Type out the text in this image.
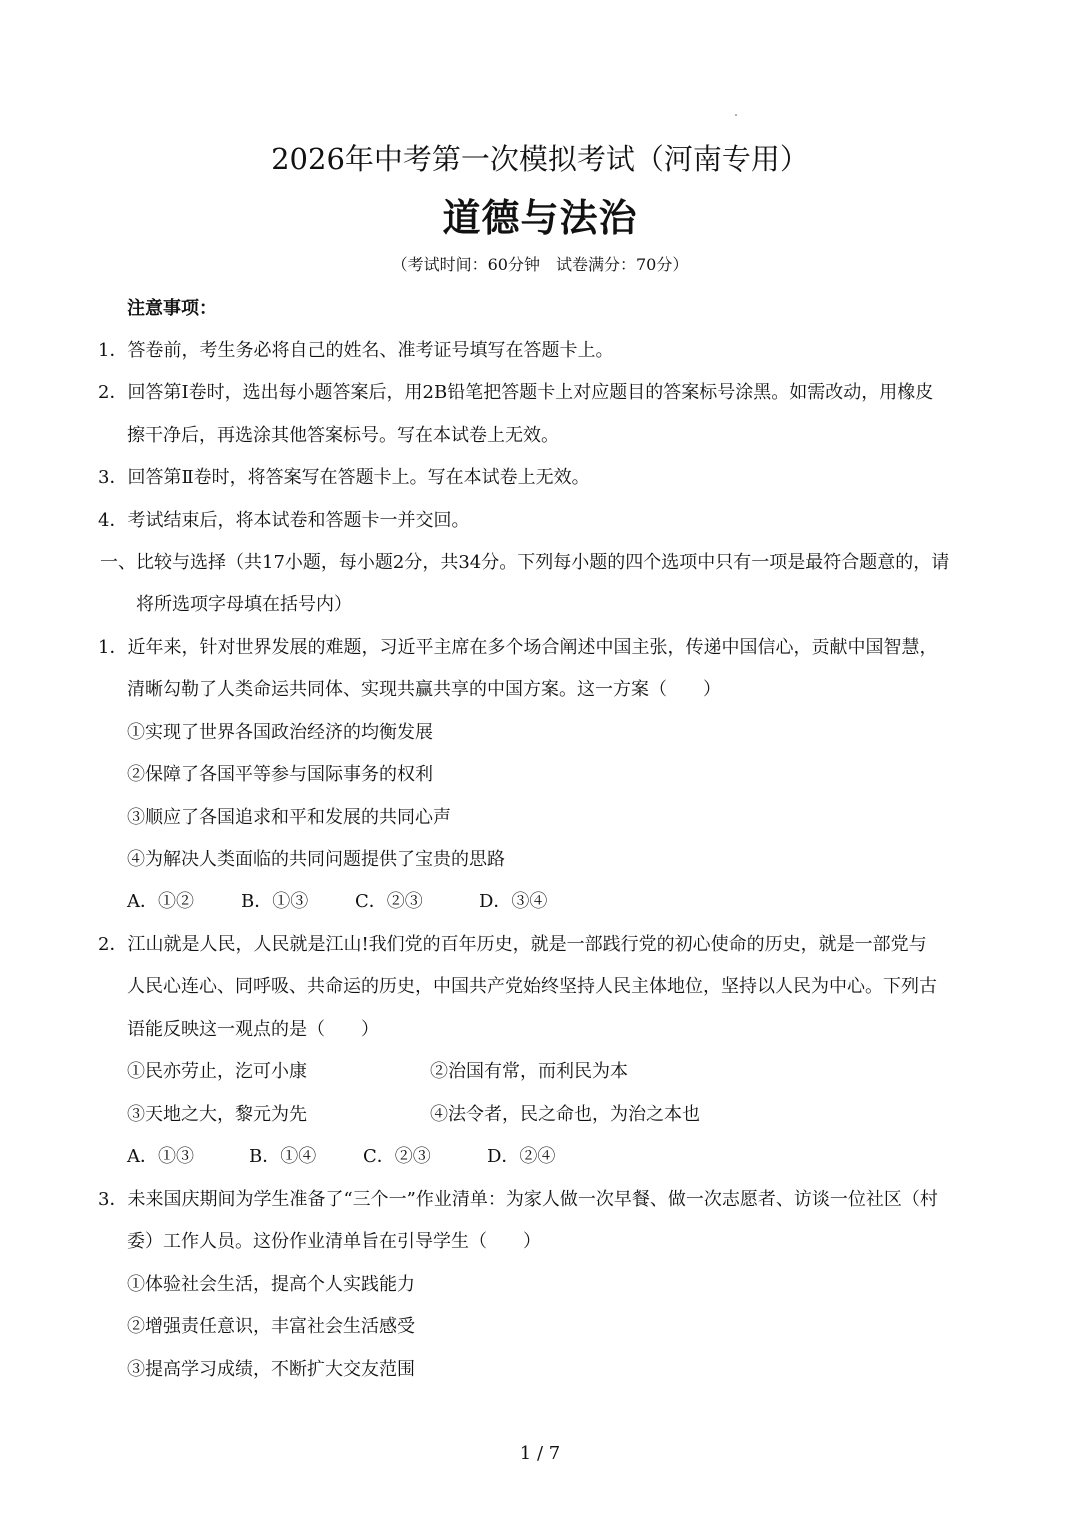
2026年中考第一次模拟考试（河南专用）
道德与法治
（考试时间：60分钟　试卷满分：70分）
注意事项：
1．答卷前，考生务必将自己的姓名、准考证号填写在答题卡上。
2．回答第Ⅰ卷时，选出每小题答案后，用2B铅笔把答题卡上对应题目的答案标号涂黑。如需改动，用橡皮
擦干净后，再选涂其他答案标号。写在本试卷上无效。
3．回答第Ⅱ卷时，将答案写在答题卡上。写在本试卷上无效。
4．考试结束后，将本试卷和答题卡一并交回。
一、比较与选择（共17小题，每小题2分，共34分。下列每小题的四个选项中只有一项是最符合题意的，请
将所选项字母填在括号内）
1．近年来，针对世界发展的难题，习近平主席在多个场合阐述中国主张，传递中国信心，贡献中国智慧，
清晰勾勒了人类命运共同体、实现共赢共享的中国方案。这一方案（　　）
①实现了世界各国政治经济的均衡发展
②保障了各国平等参与国际事务的权利
③顺应了各国追求和平和发展的共同心声
④为解决人类面临的共同问题提供了宝贵的思路
A．①②	B．①③	C．②③	D．③④
2．江山就是人民，人民就是江山!我们党的百年历史，就是一部践行党的初心使命的历史，就是一部党与
人民心连心、同呼吸、共命运的历史，中国共产党始终坚持人民主体地位，坚持以人民为中心。下列古
语能反映这一观点的是（　　）
①民亦劳止，汔可小康	②治国有常，而利民为本
③天地之大，黎元为先	④法令者，民之命也，为治之本也
A．①③	B．①④	C．②③	D．②④
3．未来国庆期间为学生准备了“三个一”作业清单：为家人做一次早餐、做一次志愿者、访谈一位社区（村
委）工作人员。这份作业清单旨在引导学生（　　）
①体验社会生活，提高个人实践能力
②增强责任意识，丰富社会生活感受
③提高学习成绩，不断扩大交友范围
1 / 7
